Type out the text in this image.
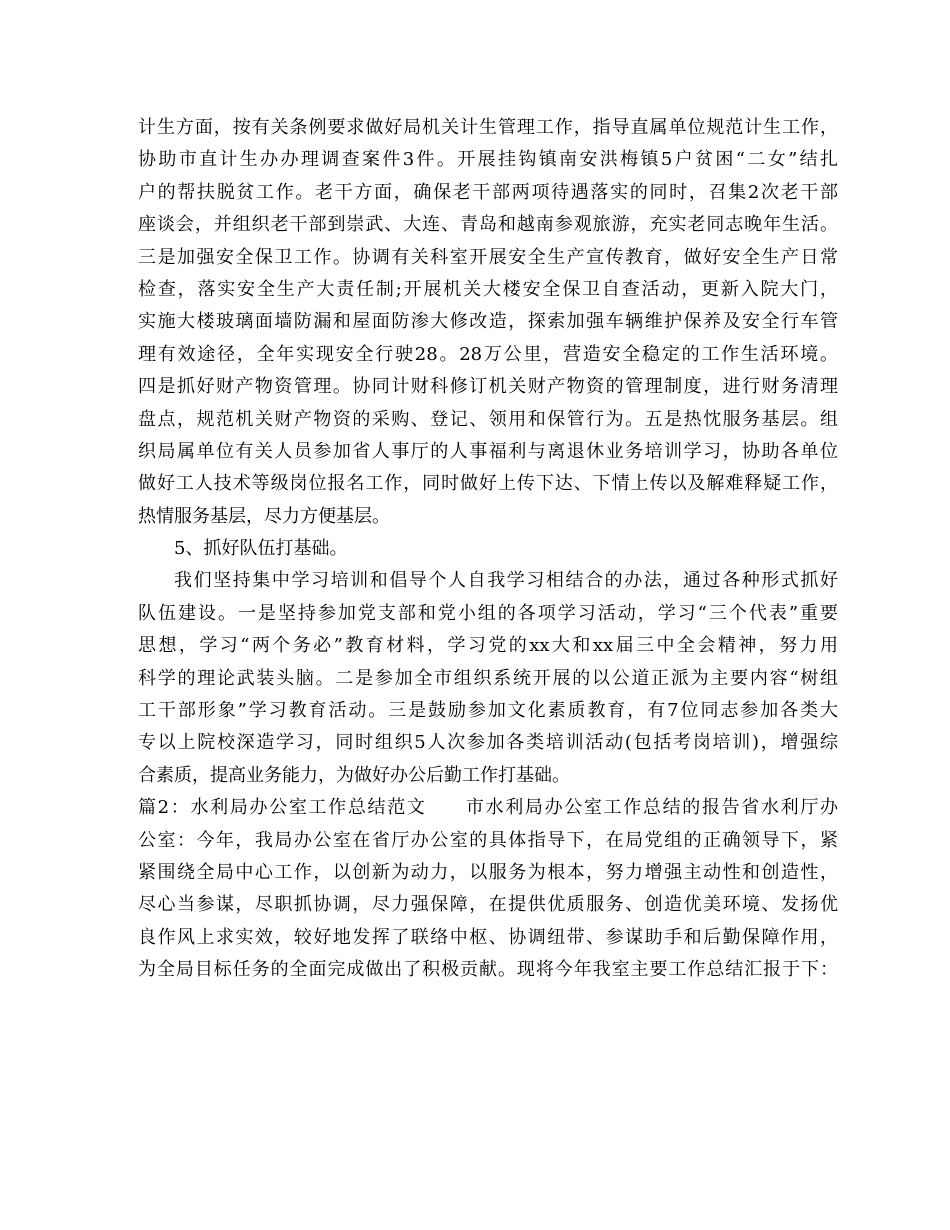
计生方面，按有关条例要求做好局机关计生管理工作，指导直属单位规范计生工作，
协助市直计生办办理调查案件3件。开展挂钩镇南安洪梅镇5户贫困“二女”结扎
户的帮扶脱贫工作。老干方面，确保老干部两项待遇落实的同时，召集2次老干部
座谈会，并组织老干部到崇武、大连、青岛和越南参观旅游，充实老同志晚年生活。
三是加强安全保卫工作。协调有关科室开展安全生产宣传教育，做好安全生产日常
检查，落实安全生产大责任制;开展机关大楼安全保卫自查活动，更新入院大门，
实施大楼玻璃面墙防漏和屋面防渗大修改造，探索加强车辆维护保养及安全行车管
理有效途径，全年实现安全行驶28。28万公里，营造安全稳定的工作生活环境。
四是抓好财产物资管理。协同计财科修订机关财产物资的管理制度，进行财务清理
盘点，规范机关财产物资的采购、登记、领用和保管行为。五是热忱服务基层。组
织局属单位有关人员参加省人事厅的人事福利与离退休业务培训学习，协助各单位
做好工人技术等级岗位报名工作，同时做好上传下达、下情上传以及解难释疑工作，
热情服务基层，尽力方便基层。
5、抓好队伍打基础。
我们坚持集中学习培训和倡导个人自我学习相结合的办法，通过各种形式抓好
队伍建设。一是坚持参加党支部和党小组的各项学习活动，学习“三个代表”重要
思想，学习“两个务必”教育材料，学习党的xx大和xx届三中全会精神，努力用
科学的理论武装头脑。二是参加全市组织系统开展的以公道正派为主要内容“树组
工干部形象”学习教育活动。三是鼓励参加文化素质教育，有7位同志参加各类大
专以上院校深造学习，同时组织5人次参加各类培训活动(包括考岗培训)，增强综
合素质，提高业务能力，为做好办公后勤工作打基础。
篇2：水利局办公室工作总结范文　　市水利局办公室工作总结的报告省水利厅办
公室：今年，我局办公室在省厅办公室的具体指导下，在局党组的正确领导下，紧
紧围绕全局中心工作，以创新为动力，以服务为根本，努力增强主动性和创造性，
尽心当参谋，尽职抓协调，尽力强保障，在提供优质服务、创造优美环境、发扬优
良作风上求实效，较好地发挥了联络中枢、协调纽带、参谋助手和后勤保障作用，
为全局目标任务的全面完成做出了积极贡献。现将今年我室主要工作总结汇报于下：
